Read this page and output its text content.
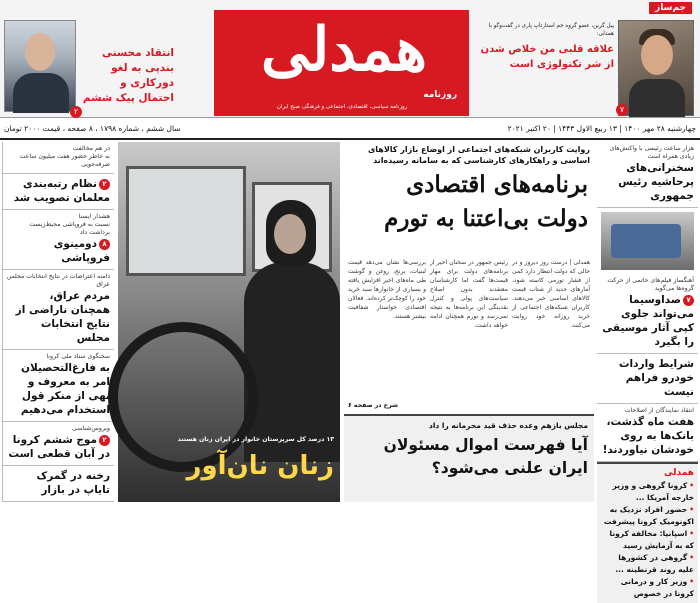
۲
انتقاد محسنی بندپی به لغو دورکاری و احتمال پیک ششم
همدلی
روزنامه
روزنامه سیاسی، اقتصادی، اجتماعی و فرهنگی صبح ایران
جم‌ساز
پیل گرین، عضو گروه جم استارتاپ پاری در گفت‌وگو با همدلی:
علاقه قلبی من خلاص شدن از شر تکنولوژی است
۷
چهارشنبه ۲۸ مهر ۱۴۰۰ | ۱۳ ربیع الاول ۱۴۴۳ | ۲۰ اکتبر ۲۰۲۱
سال ششم ، شماره ۱۷۹۸ ، ۸ صفحه ، قیمت ۲۰۰۰ تومان
در هم مخالفت
به خاطر حضور هفت میلیون ساعت صرفه‌جویی
۲نظام رتبه‌بندی معلمان تصویب شد
هشدار ایسنا
نسبت به فروپاشی محیط‌زیست برداشت داد
۸دومینوی فروپاشی
دامنه اعتراضات در نتایج انتخابات مجلس عراق
مردم عراق، همچنان ناراضی از نتایج انتخابات مجلس
سخنگوی ستاد ملی کرونا
به فارغ‌التحصیلان امر به معروف و نهی از منکر قول استخدام می‌دهیم
ویروس‌شناسی
۲موج ششم کرونا در آبان قطعی است
رخنه در گمرک تایاپ در بازار
۱۳ درصد کل سرپرستان خانوار در ایران زنان هستند
زنان نان‌آور
روایت کاربران شبکه‌های اجتماعی از اوضاع بازار کالاهای اساسی و راهکارهای کارشناسی که به سامانه رسیده‌اند
برنامه‌های اقتصادی دولت بی‌اعتنا به تورم
همدلی | درست روز دیروز و در حالی که دولت انتظار دارد کمی از فشار تورمی کاسته شود، آمارهای جدید از شتاب قیمت کالاهای اساسی خبر می‌دهند. کاربران شبکه‌های اجتماعی از خرید روزانه خود روایت می‌کنند.
رئیس جمهور در سخنان اخیر از برنامه‌های دولت برای مهار قیمت‌ها گفت اما کارشناسان معتقدند بدون اصلاح سیاست‌های پولی و کنترل نقدینگی این برنامه‌ها به نتیجه نمی‌رسد و تورم همچنان ادامه خواهد داشت.
بررسی‌ها نشان می‌دهد قیمت لبنیات، برنج، روغن و گوشت طی ماه‌های اخیر افزایش یافته و بسیاری از خانوارها سبد خرید خود را کوچک‌تر کرده‌اند. فعالان اقتصادی خواستار شفافیت بیشتر هستند.
شرح در صفحه ۶
مجلس بازهم وعده حذف قید محرمانه را داد
آیا فهرست اموال مسئولان ایران علنی می‌شود؟
هزار ساعت رئیسی با واکنش‌های زیادی همراه است
سخنرانی‌های پرحاشیه رئیس جمهوری
آهنگساز فیلم‌های خاتمی از حرکت گروه‌ها می‌گوید
۷صداوسیما می‌تواند جلوی کپی آثار موسیقی را بگیرد
شرایط واردات خودرو فراهم نیست
انتقاد نمایندگان از اصلاحات
هفت ماه گذشت، بانک‌ها به روی خودشان نیاوردند!
همدلی
•کرونا گروهی و وزیر خارجه آمریکا ...
•حضور افراد نزدیک به اکونومیک کرونا پیشرفت
•اسپانیا: مخالفه کرونا که به آزمایش رسید
•گروهی در کشورها علیه روند قرنطینه ...
•وزیر کار و درمانی کرونا در خصوص
